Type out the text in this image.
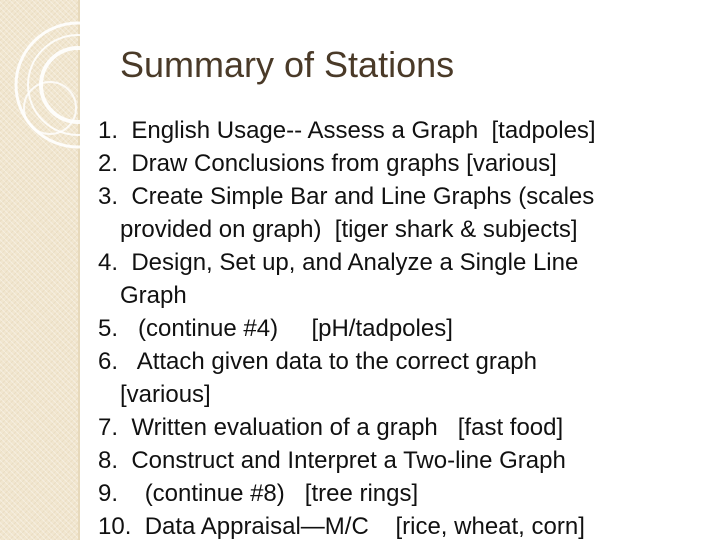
Summary of Stations
1.  English Usage-- Assess a Graph  [tadpoles]
2.  Draw Conclusions from graphs [various]
3.  Create Simple Bar and Line Graphs (scales
provided on graph)  [tiger shark & subjects]
4.  Design, Set up, and Analyze a Single Line
Graph
5.   (continue #4)     [pH/tadpoles]
6.   Attach given data to the correct graph
[various]
7.  Written evaluation of a graph   [fast food]
8.  Construct and Interpret a Two-line Graph
9.    (continue #8)   [tree rings]
10.  Data Appraisal—M/C    [rice, wheat, corn]
